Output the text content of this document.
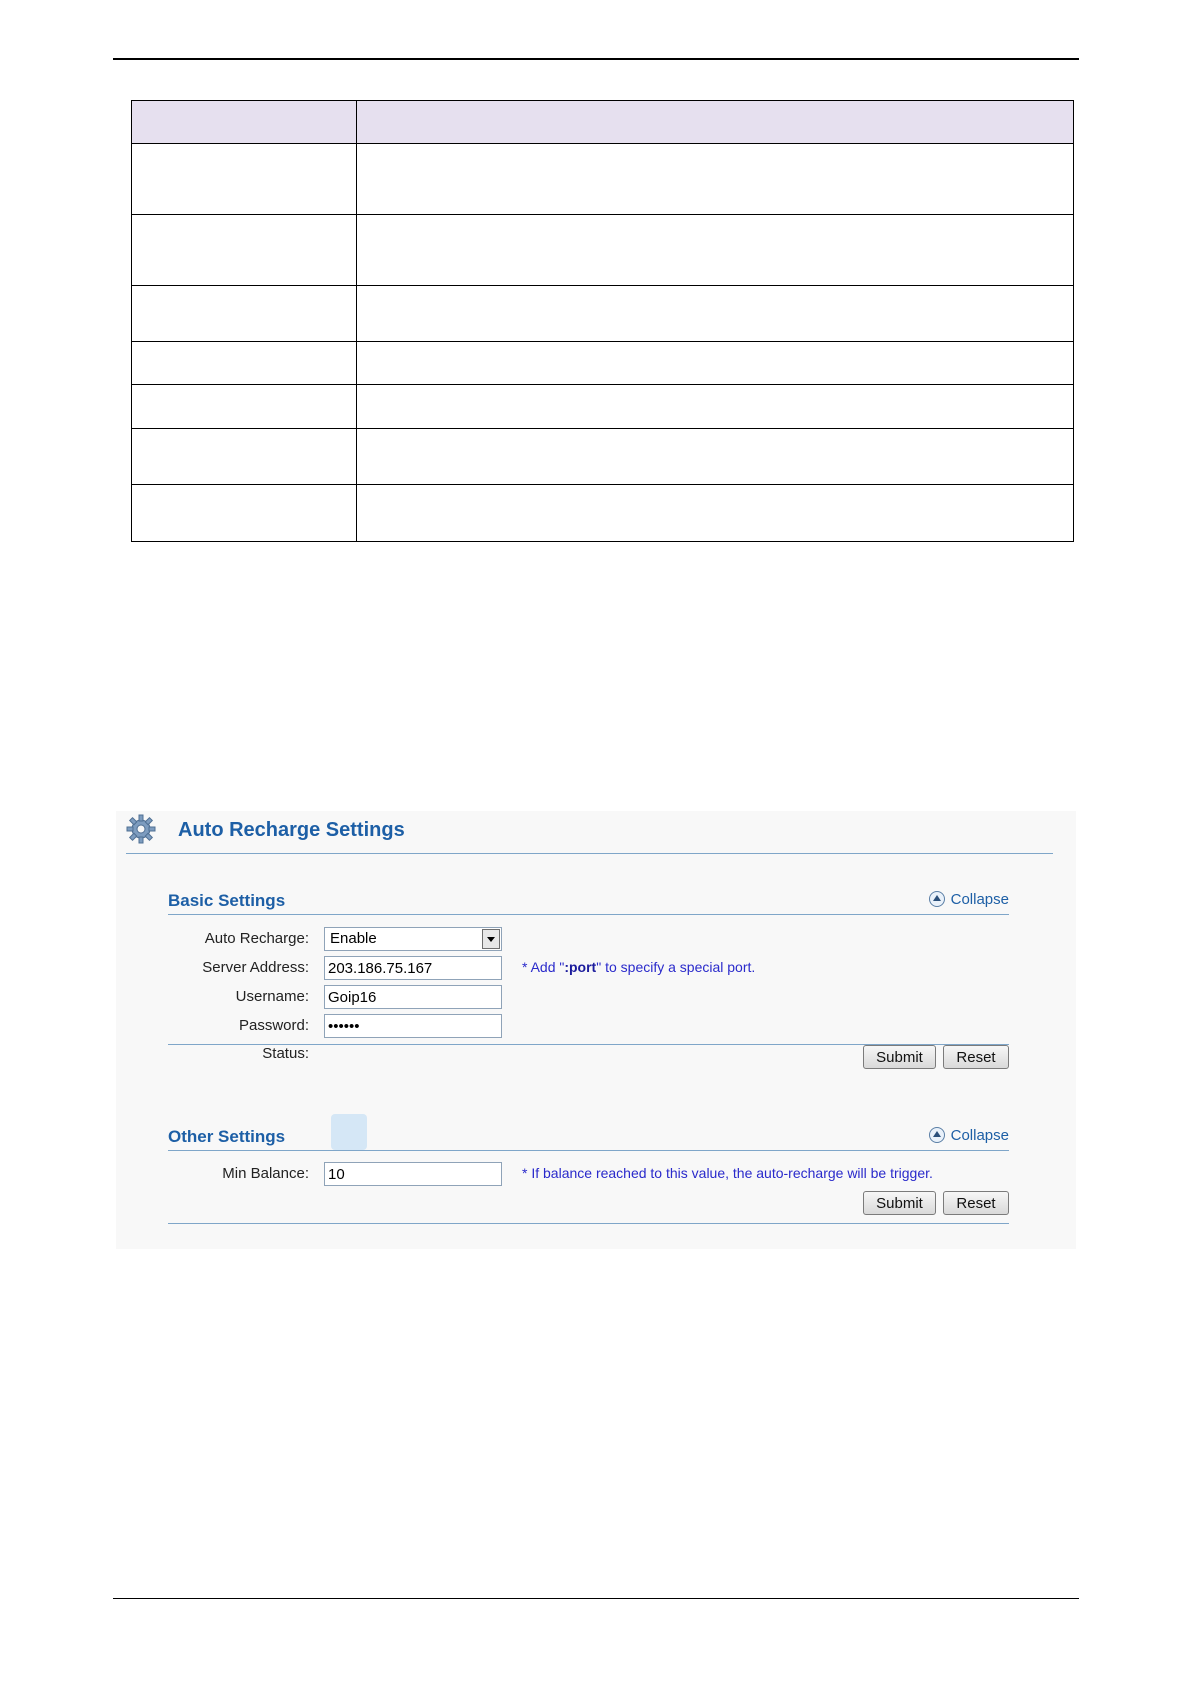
Auto Recharge Settings
Basic Settings	Collapse
Auto Recharge:	Enable
Server Address:
203.186.75.167	* Add ":port" to specify a special port.
Username:
Goip16
Password:
••••••
Status:	Submit	Reset
Other Settings	Collapse
Min Balance:
10	* If balance reached to this value, the auto-recharge will be trigger.
Submit	Reset
